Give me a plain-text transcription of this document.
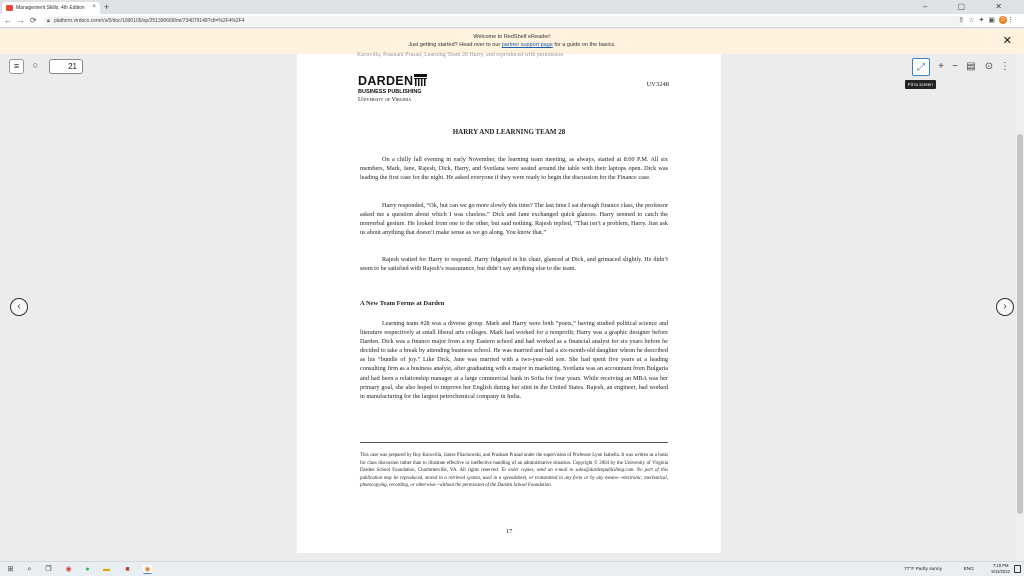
Management Skills, 4th Edition × +	– ▢ ✕
←→⟳ 🔒︎ platform.virdocs.com/r/s/0/doc/1990105/sp/251390668/mi/734079148?cfi=%2F4%2F4	⇪☆✦▣ D ⋮
Welcome to RedShelf eReader!
Just getting started? Head over to our partner support page for a guide on the basics.	✕
≡	○	21	⤢	+ − ▤ ⊙ ⋮
Fit to screen
‹	›
Kuruvilla, Prashant Prasad, Learning Team 28 Harry, and reproduced with permission
DARDEN
BUSINESS PUBLISHING
University of Virginia
UV3248
HARRY AND LEARNING TEAM 28
On a chilly fall evening in early November, the learning team meeting, as always, started at 8:00 P.M. All six members, Mark, Jane, Rajesh, Dick, Harry, and Svetlana were seated around the table with their laptops open. Dick was leading the first case for the night. He asked everyone if they were ready to begin the discussion for the Finance case.
Harry responded, “Ok, but can we go more slowly this time? The last time I sat through finance class, the professor asked me a question about which I was clueless.” Dick and Jane exchanged quick glances. Harry seemed to catch the nonverbal gesture. He looked from one to the other, but said nothing. Rajesh replied, “That isn’t a problem, Harry. Just ask us about anything that doesn’t make sense as we go along. You know that.”
Rajesh waited for Harry to respond. Harry fidgeted in his chair, glanced at Dick, and grimaced slightly. He didn’t seem to be satisfied with Rajesh’s reassurance, but didn’t say anything else to the team.
A New Team Forms at Darden
Learning team #28 was a diverse group. Mark and Harry were both “poets,” having studied political science and literature respectively at small liberal arts colleges. Mark had worked for a nonprofit; Harry was a graphic designer before Darden. Dick was a finance major from a top Eastern school and had worked as a financial analyst for six years before he decided to take a break by attending business school. He was married and had a six-month-old daughter whom he described as his “bundle of joy.” Like Dick, Jane was married with a two-year-old son. She had spent five years at a leading consulting firm as a business analyst, after graduating with a major in marketing. Svetlana was an accountant from Bulgaria and had been a relationship manager at a large commercial bank in Sofia for four years. While receiving an MBA was her primary goal, she also hoped to improve her English during her stint in the United States. Rajesh, an engineer, had worked in manufacturing for the largest petrochemical company in India.
This case was prepared by Roy Kuruvilla, James Pilachowski, and Prashant Prasad under the supervision of Professor Lynn Isabella. It was written as a basis for class discussion rather than to illustrate effective or ineffective handling of an administrative situation. Copyright © 2004 by the University of Virginia Darden School Foundation, Charlottesville, VA. All rights reserved. To order copies, send an e-mail to sales@dardenpublishing.com. No part of this publication may be reproduced, stored in a retrieval system, used in a spreadsheet, or transmitted in any form or by any means—electronic, mechanical, photocopying, recording, or otherwise—without the permission of the Darden School Foundation.
17
⊞	⌕	❐ ◉	●	▬	■	◉	77°F Partly sunny	ENG
7:19 PM
9/13/2022
